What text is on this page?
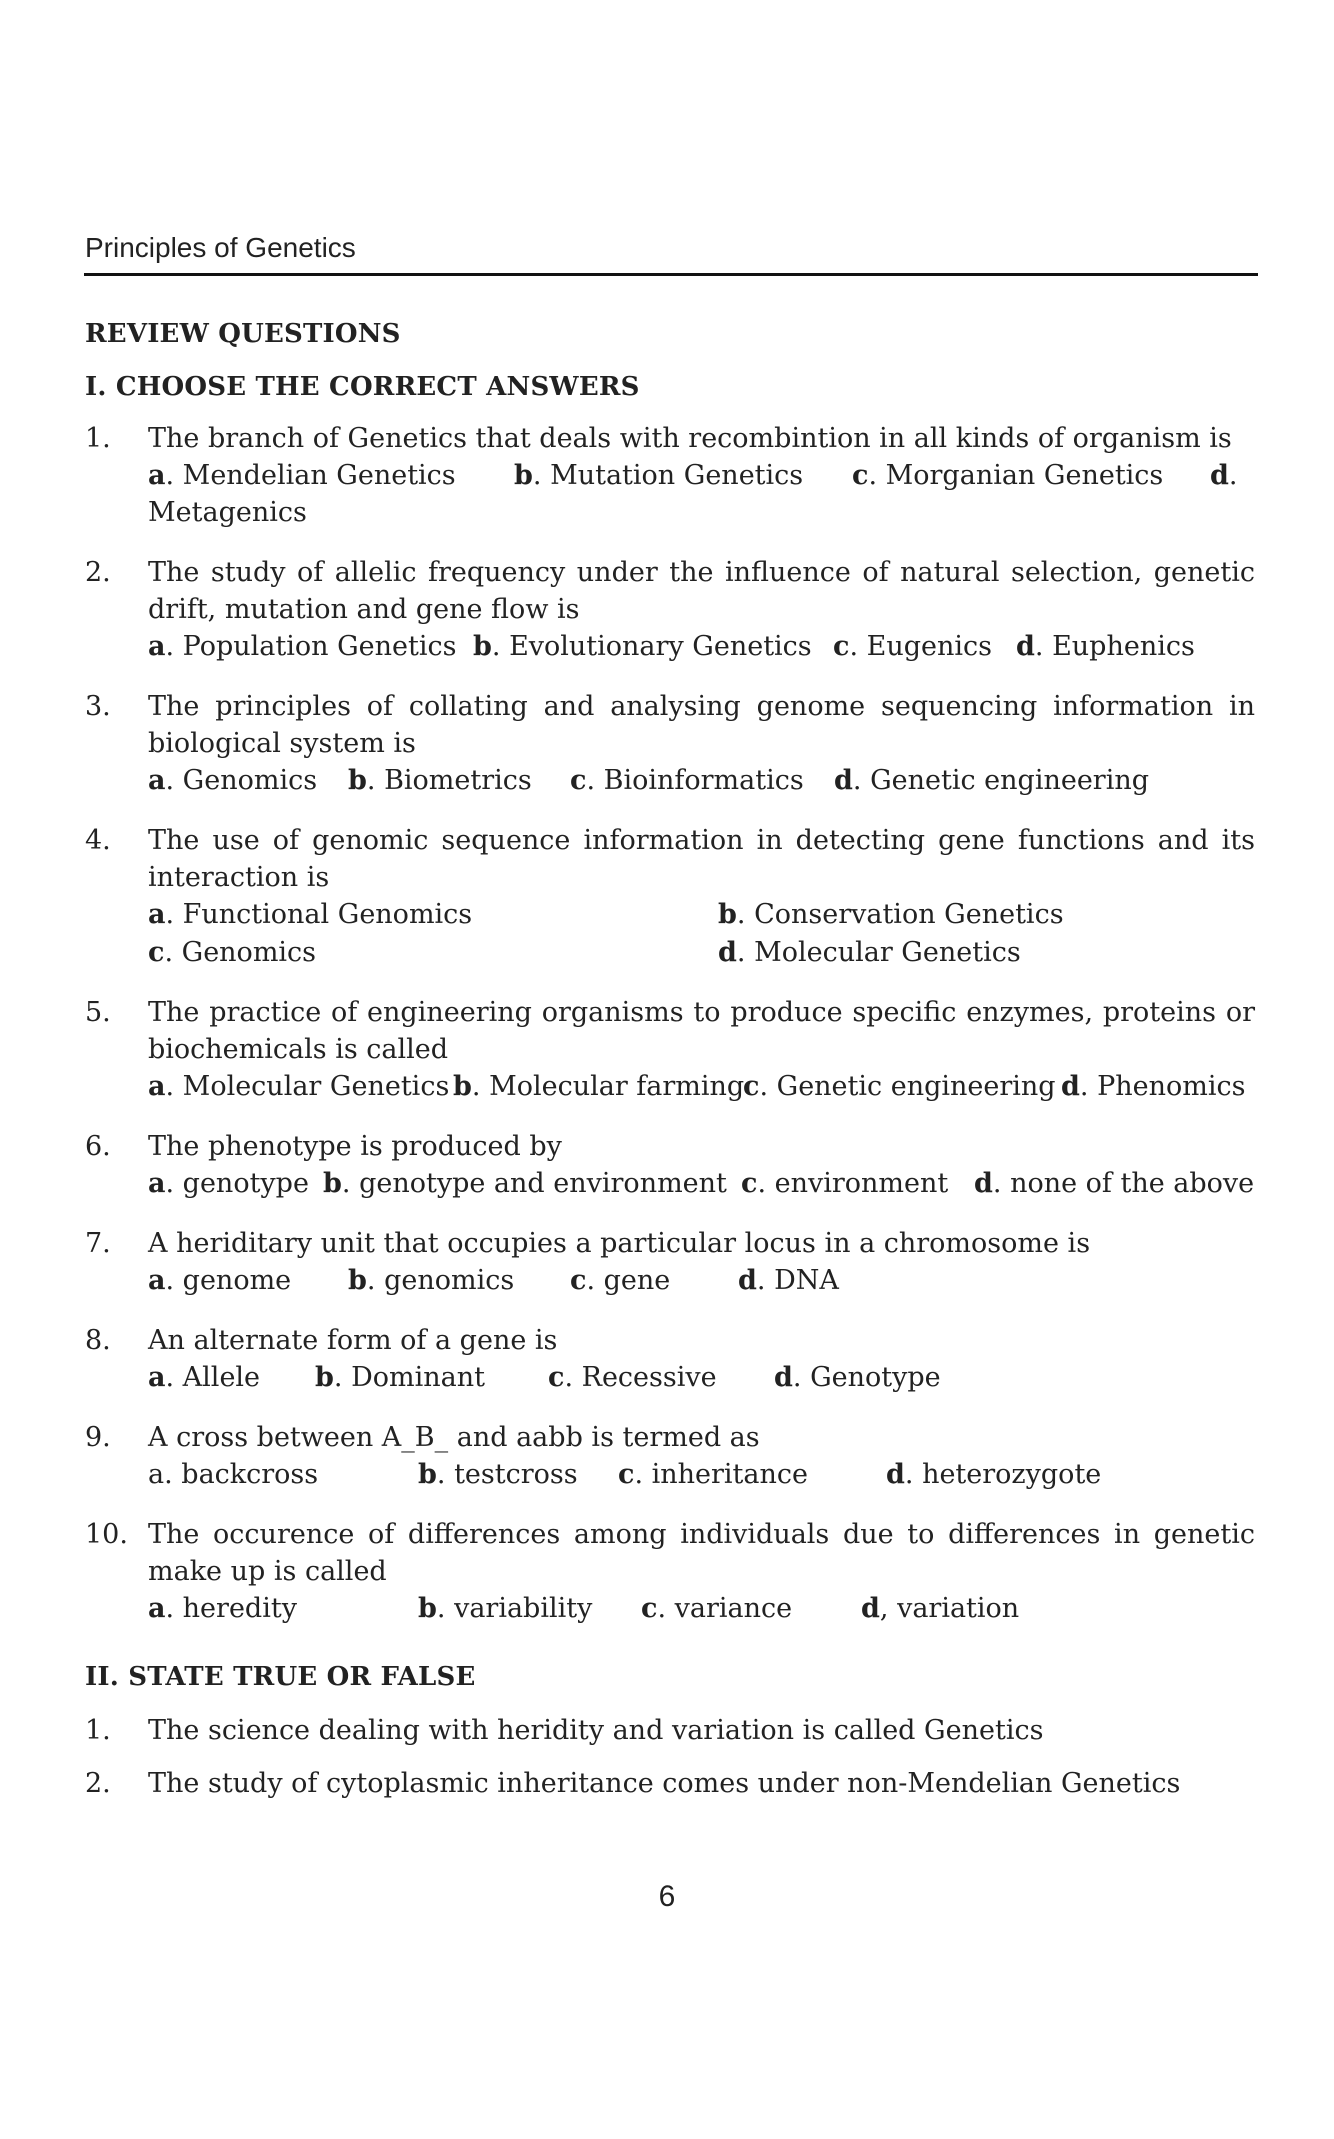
Principles of Genetics
REVIEW QUESTIONS
I. CHOOSE THE CORRECT ANSWERS
1. The branch of Genetics that deals with recombintion in all kinds of organism is
a. Mendelian Genetics	b. Mutation Genetics	c. Morganian Genetics	d.
Metagenics
2. The study of allelic frequency under the influence of natural selection, genetic drift, mutation and gene flow is
a. Population Genetics b. Evolutionary Genetics c. Eugenics d. Euphenics
3. The principles of collating and analysing genome sequencing information in biological system is
a. Genomics	b. Biometrics	c. Bioinformatics	d. Genetic engineering
4. The use of genomic sequence information in detecting gene functions and its interaction is
a. Functional Genomics	b. Conservation Genetics
c. Genomics	d. Molecular Genetics
5. The practice of engineering organisms to produce specific enzymes, proteins or biochemicals is called
a. Molecular Genetics b. Molecular farming
c. Genetic engineering d. Phenomics
6. The phenotype is produced by
a. genotype b. genotype and environment c. environment d. none of the above
7. A heriditary unit that occupies a particular locus in a chromosome is
a. genome	b. genomics	c. gene	d. DNA
8. An alternate form of a gene is
a. Allele	b. Dominant	c. Recessive	d. Genotype
9. A cross between A_B_ and aabb is termed as
a. backcross	b. testcross	c. inheritance	d. heterozygote
10. The occurence of differences among individuals due to differences in genetic make up is called
a. heredity	b. variability	c. variance	d, variation
II. STATE TRUE OR FALSE
1. The science dealing with heridity and variation is called Genetics
2. The study of cytoplasmic inheritance comes under non-Mendelian Genetics
6
